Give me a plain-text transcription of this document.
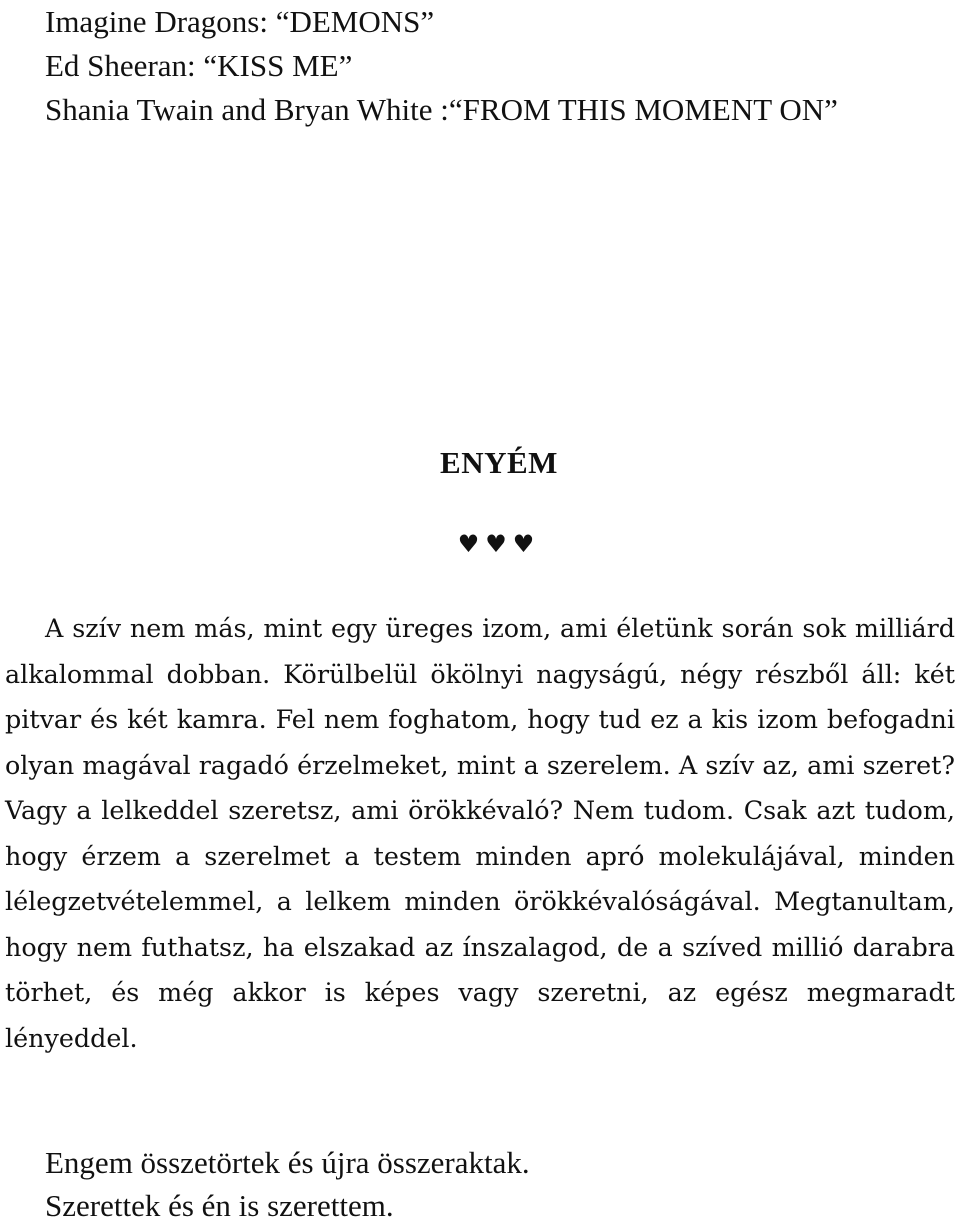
Imagine Dragons: “DEMONS”
Ed Sheeran: “KISS ME”
Shania Twain and Bryan White :“FROM THIS MOMENT ON”
ENYÉM
♥♥♥

A szív nem más, mint egy üreges izom, ami életünk során sok milliárd alkalommal dobban. Körülbelül ökölnyi nagyságú, négy részből áll: két pitvar és két kamra. Fel nem foghatom, hogy tud ez a kis izom befogadni olyan magával ragadó érzelmeket, mint a szerelem. A szív az, ami szeret? Vagy a lelkeddel szeretsz, ami örökkévaló? Nem tudom. Csak azt tudom, hogy érzem a szerelmet a testem minden apró molekulájával, minden lélegzetvételemmel, a lelkem minden örökkévalóságával. Megtanultam, hogy nem futhatsz, ha elszakad az ínszalagod, de a szíved millió darabra törhet, és még akkor is képes vagy szeretni, az egész megmaradt lényeddel.

Engem összetörtek és újra összeraktak.
Szerettek és én is szerettem.
